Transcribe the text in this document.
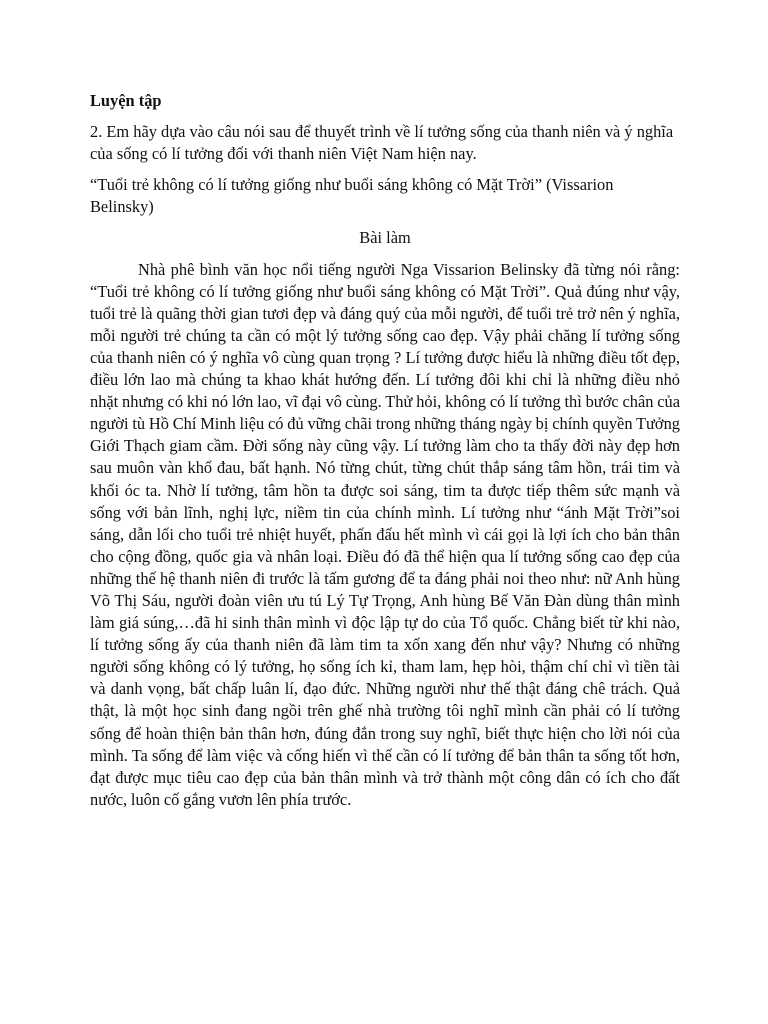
Luyện tập

2. Em hãy dựa vào câu nói sau để thuyết trình về lí tưởng sống của thanh niên và ý nghĩa của sống có lí tưởng đối với thanh niên Việt Nam hiện nay.

“Tuổi trẻ không có lí tưởng giống như buổi sáng không có Mặt Trời” (Vissarion Belinsky)

Bài làm

Nhà phê bình văn học nổi tiếng người Nga Vissarion Belinsky đã từng nói rằng: “Tuổi trẻ không có lí tưởng giống như buổi sáng không có Mặt Trời”. Quả đúng như vậy, tuổi trẻ là quãng thời gian tươi đẹp và đáng quý của mỗi người, để tuổi trẻ trở nên ý nghĩa, mỗi người trẻ chúng ta cần có một lý tưởng sống cao đẹp. Vậy phải chăng lí tưởng sống của thanh niên có ý nghĩa vô cùng quan trọng ? Lí tưởng được hiểu là những điều tốt đẹp, điều lớn lao mà chúng ta khao khát hướng đến. Lí tưởng đôi khi chỉ là những điều nhỏ nhặt nhưng có khi nó lớn lao, vĩ đại vô cùng. Thử hỏi, không có lí tưởng thì bước chân của người tù Hồ Chí Minh liệu có đủ vững chãi trong những tháng ngày bị chính quyền Tưởng Giới Thạch giam cầm. Đời sống này cũng vậy. Lí tưởng làm cho ta thấy đời này đẹp hơn sau muôn vàn khổ đau, bất hạnh. Nó từng chút, từng chút thắp sáng tâm hồn, trái tim và khối óc ta. Nhờ lí tưởng, tâm hồn ta được soi sáng, tim ta được tiếp thêm sức mạnh và sống với bản lĩnh, nghị lực, niềm tin của chính mình. Lí tưởng như “ánh Mặt Trời”soi sáng, dẫn lối cho tuổi trẻ nhiệt huyết, phấn đấu hết mình vì cái gọi là lợi ích cho bản thân cho cộng đồng, quốc gia và nhân loại. Điều đó đã thể hiện qua lí tưởng sống cao đẹp của những thế hệ thanh niên đi trước là tấm gương để ta đáng phải noi theo như: nữ Anh hùng Võ Thị Sáu, người đoàn viên ưu tú Lý Tự Trọng, Anh hùng Bế Văn Đàn dùng thân mình làm giá súng,…đã hi sinh thân mình vì độc lập tự do của Tổ quốc. Chẳng biết từ khi nào, lí tưởng sống ấy của thanh niên đã làm tim ta xốn xang đến như vậy? Nhưng có những người sống không có lý tưởng, họ sống ích kỉ, tham lam, hẹp hòi, thậm chí chỉ vì tiền tài và danh vọng, bất chấp luân lí, đạo đức. Những người như thế thật đáng chê trách. Quả thật, là một học sinh đang ngồi trên ghế nhà trường tôi nghĩ mình cần phải có lí tưởng sống để hoàn thiện bản thân hơn, đúng đắn trong suy nghĩ, biết thực hiện cho lời nói của mình. Ta sống để làm việc và cống hiến vì thế cần có lí tưởng để bản thân ta sống tốt hơn, đạt được mục tiêu cao đẹp của bản thân mình và trở thành một công dân có ích cho đất nước, luôn cố gắng vươn lên phía trước.
